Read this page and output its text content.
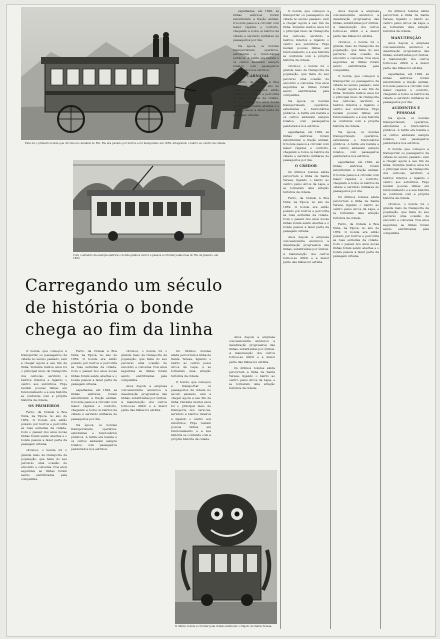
Este foi o primeiro bonde que circulou no Andarai do Rio. Ele era puxado por burros e foi inaugurado em 1859, integrando o bairro ao centro da cidade.
Com o advento da energia elétrica o bonde ganhou motor e passou a circular pelas ruas do Rio de Janeiro, em 1892.
Carregando um século
de história o bonde
chega ao fim da linha

O bonde, que começou a transportar os passageiros da cidade no século passado, vem a chegar agora a seu fim de linha. Durante muitos anos foi o principal meio de transporte dos cariocas, servindo a bairros inteiros e ligando o centro aos subúrbios. Hoje restam poucas linhas em funcionamento e a sua história se confunde com a própria história da cidade.

OS PRIMEIROS

Ferro, da Cidade à Boa Vista, na Tijuca, no ano de 1859. O bonde era então puxado por burros e percorria as ruas estreitas da cidade. Com o passar dos anos novas linhas foram sendo abertas e o bonde passou a fazer parte da paisagem urbana.

circulou, o bonde foi o grande meio de transporte da população, que fazia do seu percurso uma ocasião de encontro e conversa. Nos anos seguintes as linhas foram sendo eletrificadas pela companhia.

Ferro, da Cidade à Boa Vista, na Tijuca, no ano de 1859. O bonde era então puxado por burros e percorria as ruas estreitas da cidade. Com o passar dos anos novas linhas foram sendo abertas e o bonde passou a fazer parte da paisagem urbana.

espalhadas, em 1892, as linhas elétricas foram substituindo a tração animal. O bonde passou a circular com maior rapidez e conforto, chegando a todos os bairros da cidade e servindo milhares de passageiros por dia.

Na época, os bondes transportavam operários, estudantes e funcionários públicos. A tarifa era barata e os carros andavam sempre lotados, com passageiros pendurados nos estribos.

circulou, o bonde foi o grande meio de transporte da população, que fazia do seu percurso uma ocasião de encontro e conversa. Nos anos seguintes as linhas foram sendo eletrificadas pela companhia.

Anos depois a empresa concessionária anunciou a desativação progressiva das linhas, substituídas por ônibus. A manutenção dos carros tornou-se difícil e a maior parte das linhas foi extinta.

Os últimos bondes ainda percorrem a linha de Santa Teresa, ligando o bairro ao centro pelos Arcos da Lapa, e se tornaram uma atração turística da cidade.

O bonde, que começou a transportar os passageiros da cidade no século passado, vem a chegar agora a seu fim de linha. Durante muitos anos foi o principal meio de transporte dos cariocas, servindo a bairros inteiros e ligando o centro aos subúrbios. Hoje restam poucas linhas em funcionamento e a sua história se confunde com a própria história da cidade.

O último bonde a circular pela cidade ainda faz o trajeto de Santa Teresa.

espalhadas, em 1892, as linhas elétricas foram substituindo a tração animal. O bonde passou a circular com maior rapidez e conforto, chegando a todos os bairros da cidade e servindo milhares de passageiros por dia.

Na época, os bondes transportavam operários, estudantes e funcionários públicos. A tarifa era barata e os carros andavam sempre lotados, com passageiros pendurados nos estribos.

O CARNAVAL

Ferro, da Cidade à Boa Vista, na Tijuca, no ano de 1859. O bonde era então puxado por burros e percorria as ruas estreitas da cidade. Com o passar dos anos novas linhas foram sendo abertas e o bonde passou a fazer parte da paisagem urbana.

Anos depois a empresa concessionária anunciou a desativação progressiva das linhas, substituídas por ônibus. A manutenção dos carros tornou-se difícil e a maior parte das linhas foi extinta.

Os últimos bondes ainda percorrem a linha de Santa Teresa, ligando o bairro ao centro pelos Arcos da Lapa, e se tornaram uma atração turística da cidade.

O bonde, que começou a transportar os passageiros da cidade no século passado, vem a chegar agora a seu fim de linha. Durante muitos anos foi o principal meio de transporte dos cariocas, servindo a bairros inteiros e ligando o centro aos subúrbios. Hoje restam poucas linhas em funcionamento e a sua história se confunde com a própria história da cidade.

circulou, o bonde foi o grande meio de transporte da população, que fazia do seu percurso uma ocasião de encontro e conversa. Nos anos seguintes as linhas foram sendo eletrificadas pela companhia.

Na época, os bondes transportavam operários, estudantes e funcionários públicos. A tarifa era barata e os carros andavam sempre lotados, com passageiros pendurados nos estribos.

espalhadas, em 1892, as linhas elétricas foram substituindo a tração animal. O bonde passou a circular com maior rapidez e conforto, chegando a todos os bairros da cidade e servindo milhares de passageiros por dia.

O CREDOR

Os últimos bondes ainda percorrem a linha de Santa Teresa, ligando o bairro ao centro pelos Arcos da Lapa, e se tornaram uma atração turística da cidade.

Ferro, da Cidade à Boa Vista, na Tijuca, no ano de 1859. O bonde era então puxado por burros e percorria as ruas estreitas da cidade. Com o passar dos anos novas linhas foram sendo abertas e o bonde passou a fazer parte da paisagem urbana.

Anos depois a empresa concessionária anunciou a desativação progressiva das linhas, substituídas por ônibus. A manutenção dos carros tornou-se difícil e a maior parte das linhas foi extinta.

Anos depois a empresa concessionária anunciou a desativação progressiva das linhas, substituídas por ônibus. A manutenção dos carros tornou-se difícil e a maior parte das linhas foi extinta.

circulou, o bonde foi o grande meio de transporte da população, que fazia do seu percurso uma ocasião de encontro e conversa. Nos anos seguintes as linhas foram sendo eletrificadas pela companhia.

O bonde, que começou a transportar os passageiros da cidade no século passado, vem a chegar agora a seu fim de linha. Durante muitos anos foi o principal meio de transporte dos cariocas, servindo a bairros inteiros e ligando o centro aos subúrbios. Hoje restam poucas linhas em funcionamento e a sua história se confunde com a própria história da cidade.

Na época, os bondes transportavam operários, estudantes e funcionários públicos. A tarifa era barata e os carros andavam sempre lotados, com passageiros pendurados nos estribos.

espalhadas, em 1892, as linhas elétricas foram substituindo a tração animal. O bonde passou a circular com maior rapidez e conforto, chegando a todos os bairros da cidade e servindo milhares de passageiros por dia.

Os últimos bondes ainda percorrem a linha de Santa Teresa, ligando o bairro ao centro pelos Arcos da Lapa, e se tornaram uma atração turística da cidade.

Ferro, da Cidade à Boa Vista, na Tijuca, no ano de 1859. O bonde era então puxado por burros e percorria as ruas estreitas da cidade. Com o passar dos anos novas linhas foram sendo abertas e o bonde passou a fazer parte da paisagem urbana.

Os últimos bondes ainda percorrem a linha de Santa Teresa, ligando o bairro ao centro pelos Arcos da Lapa, e se tornaram uma atração turística da cidade.

MANUTENÇÃO

Anos depois a empresa concessionária anunciou a desativação progressiva das linhas, substituídas por ônibus. A manutenção dos carros tornou-se difícil e a maior parte das linhas foi extinta.

espalhadas, em 1892, as linhas elétricas foram substituindo a tração animal. O bonde passou a circular com maior rapidez e conforto, chegando a todos os bairros da cidade e servindo milhares de passageiros por dia.

ACIDENTES E PESSOAS

Na época, os bondes transportavam operários, estudantes e funcionários públicos. A tarifa era barata e os carros andavam sempre lotados, com passageiros pendurados nos estribos.

O bonde, que começou a transportar os passageiros da cidade no século passado, vem a chegar agora a seu fim de linha. Durante muitos anos foi o principal meio de transporte dos cariocas, servindo a bairros inteiros e ligando o centro aos subúrbios. Hoje restam poucas linhas em funcionamento e a sua história se confunde com a própria história da cidade.

circulou, o bonde foi o grande meio de transporte da população, que fazia do seu percurso uma ocasião de encontro e conversa. Nos anos seguintes as linhas foram sendo eletrificadas pela companhia.
